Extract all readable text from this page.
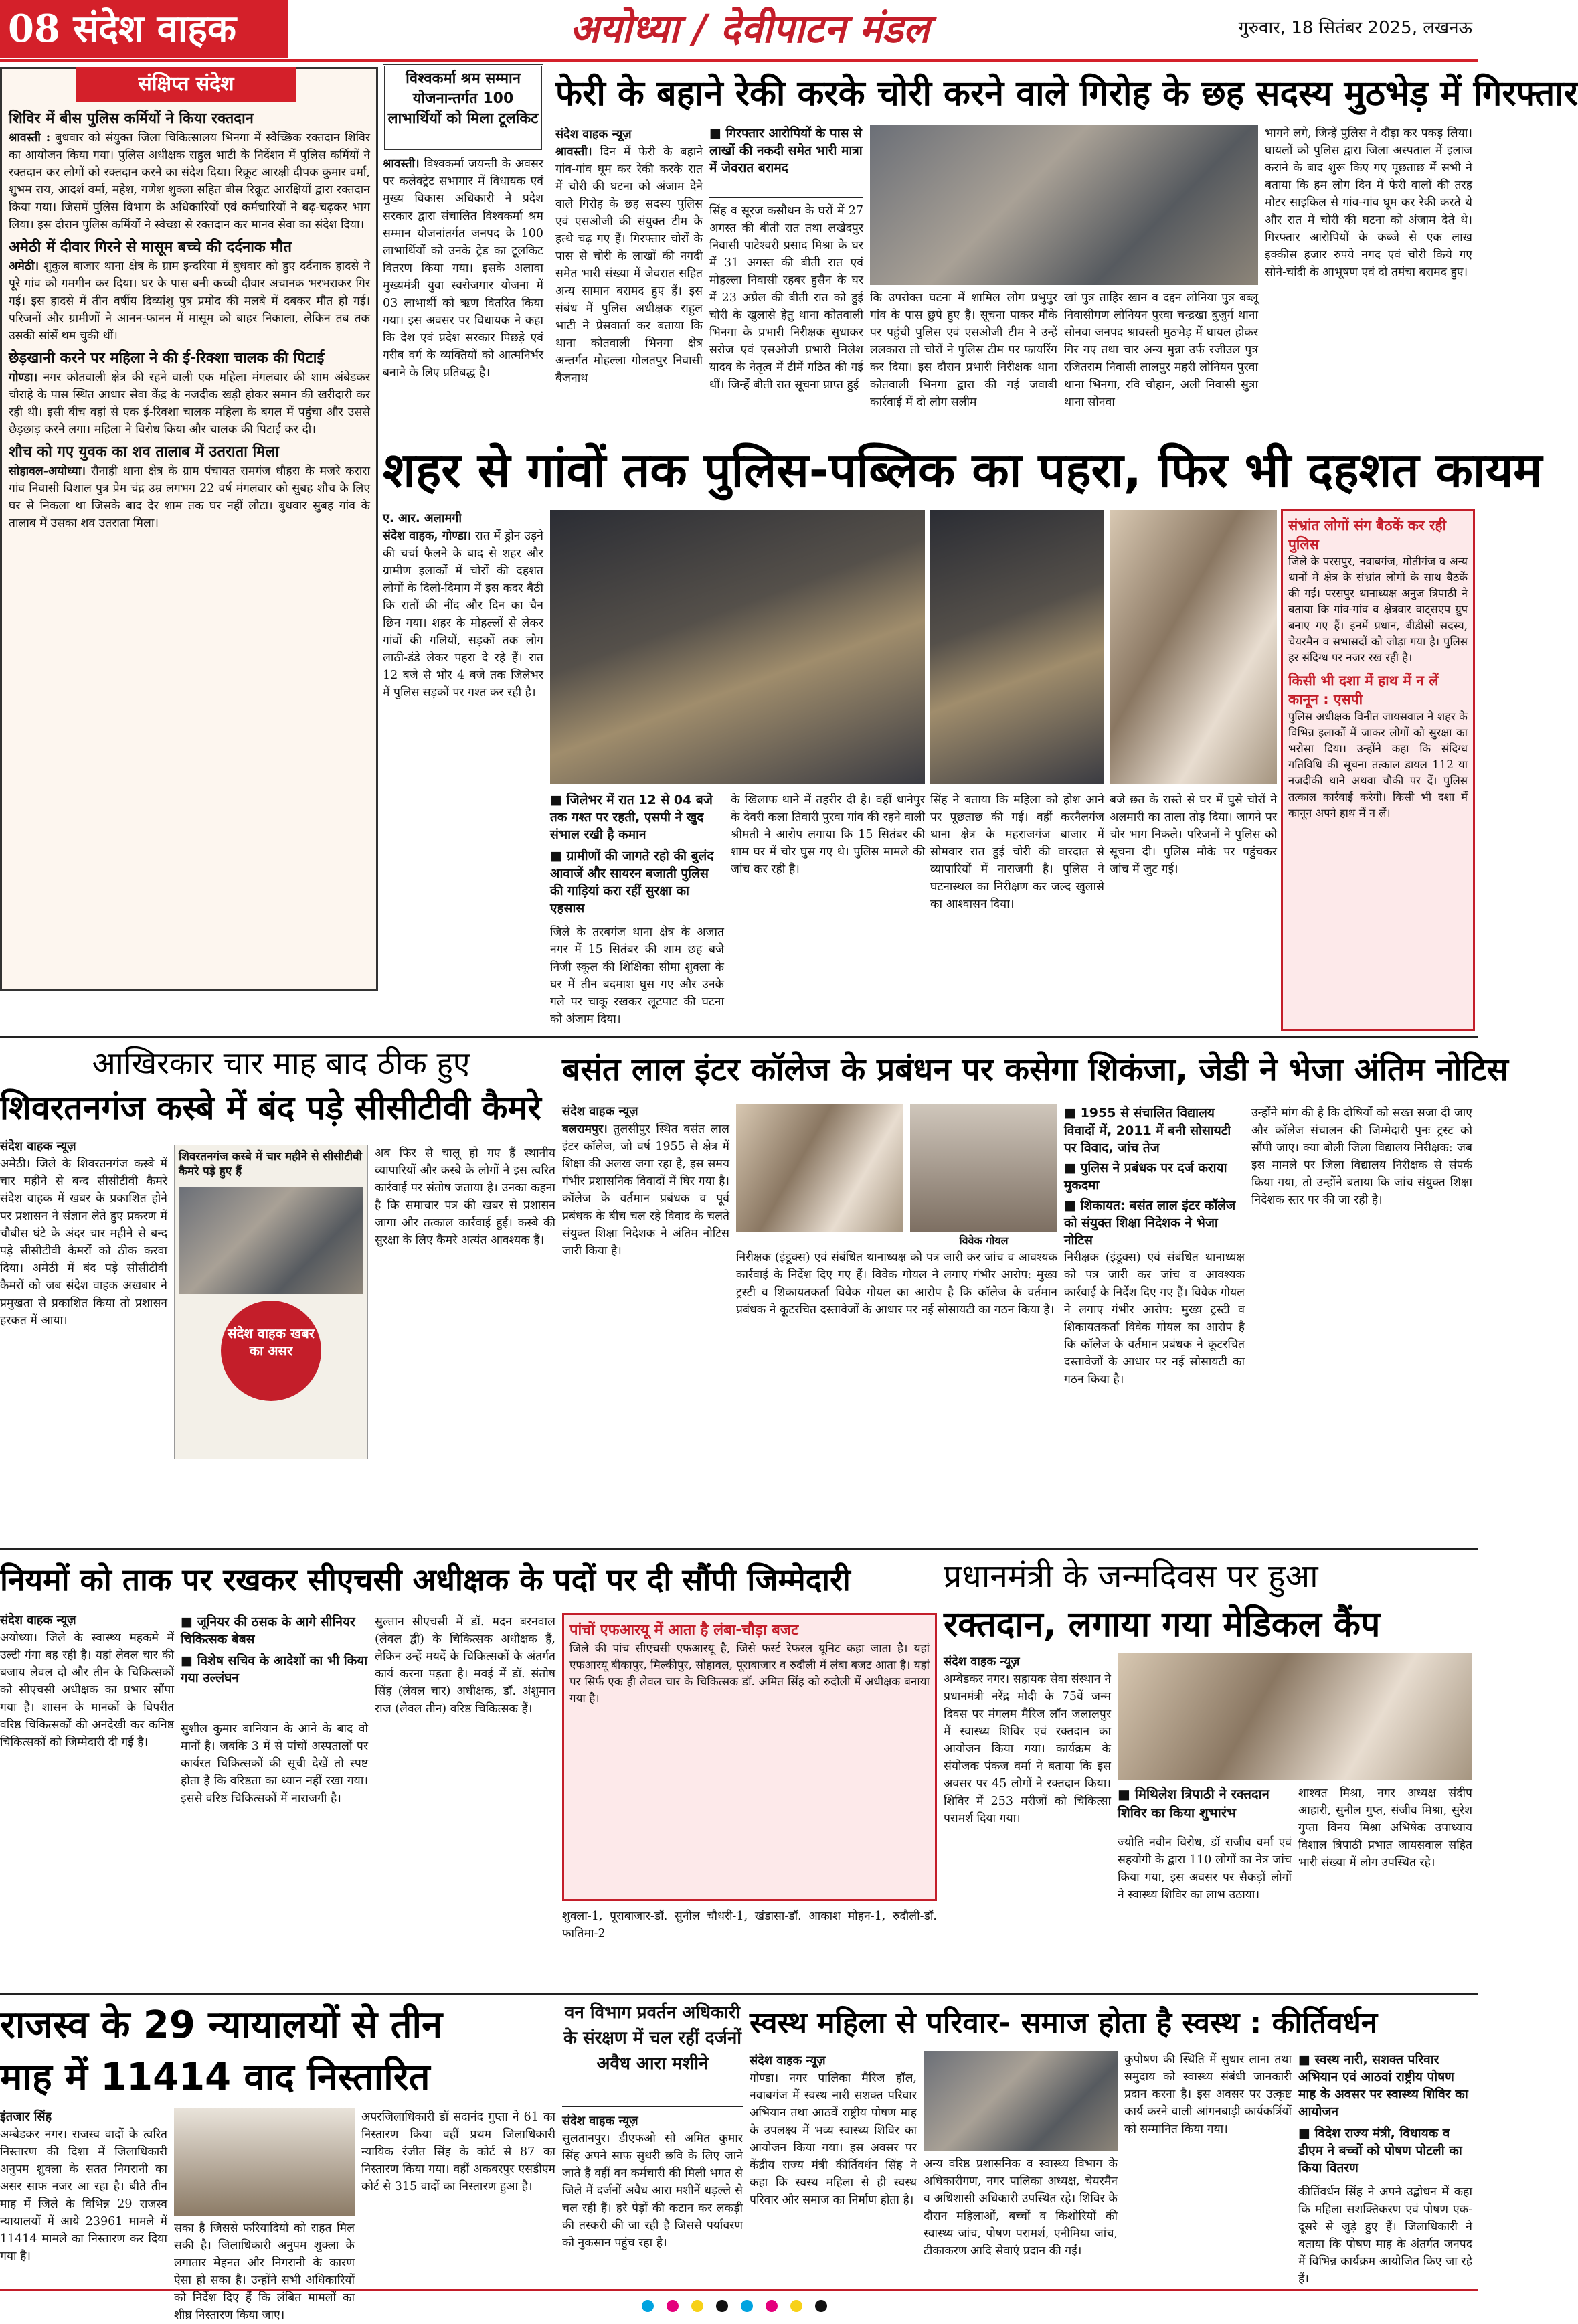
08 संदेश वाहक	अयोध्या / देवीपाटन मंडल	गुरुवार, 18 सितंबर 2025, लखनऊ
संक्षिप्त संदेश
शिविर में बीस पुलिस कर्मियों ने किया रक्तदान
श्रावस्ती : बुधवार को संयुक्त जिला चिकित्सालय भिनगा में स्वैच्छिक रक्तदान शिविर का आयोजन किया गया। पुलिस अधीक्षक राहुल भाटी के निर्देशन में पुलिस कर्मियों ने रक्तदान कर लोगों को रक्तदान करने का संदेश दिया। रिक्रूट आरक्षी दीपक कुमार वर्मा, शुभम राय, आदर्श वर्मा, महेश, गणेश शुक्ला सहित बीस रिक्रूट आरक्षियों द्वारा रक्तदान किया गया। जिसमें पुलिस विभाग के अधिकारियों एवं कर्मचारियों ने बढ़-चढ़कर भाग लिया। इस दौरान पुलिस कर्मियों ने स्वेच्छा से रक्तदान कर मानव सेवा का संदेश दिया।
अमेठी में दीवार गिरने से मासूम बच्चे की दर्दनाक मौत
अमेठी। शुकुल बाजार थाना क्षेत्र के ग्राम इन्दरिया में बुधवार को हुए दर्दनाक हादसे ने पूरे गांव को गमगीन कर दिया। घर के पास बनी कच्ची दीवार अचानक भरभराकर गिर गई। इस हादसे में तीन वर्षीय दिव्यांशु पुत्र प्रमोद की मलबे में दबकर मौत हो गई। परिजनों और ग्रामीणों ने आनन-फानन में मासूम को बाहर निकाला, लेकिन तब तक उसकी सांसें थम चुकी थीं।
छेड़खानी करने पर महिला ने की ई-रिक्शा चालक की पिटाई
गोण्डा। नगर कोतवाली क्षेत्र की रहने वाली एक महिला मंगलवार की शाम अंबेडकर चौराहे के पास स्थित आधार सेवा केंद्र के नजदीक खड़ी होकर समान की खरीदारी कर रही थी। इसी बीच वहां से एक ई-रिक्शा चालक महिला के बगल में पहुंचा और उससे छेड़छाड़ करने लगा। महिला ने विरोध किया और चालक की पिटाई कर दी।
शौच को गए युवक का शव तालाब में उतराता मिला
सोहावल-अयोध्या। रौनाही थाना क्षेत्र के ग्राम पंचायत रामगंज धौहरा के मजरे करारा गांव निवासी विशाल पुत्र प्रेम चंद्र उम्र लगभग 22 वर्ष मंगलवार को सुबह शौच के लिए घर से निकला था जिसके बाद देर शाम तक घर नहीं लौटा। बुधवार सुबह गांव के तालाब में उसका शव उतराता मिला।
विश्वकर्मा श्रम सम्मान योजनान्तर्गत 100 लाभार्थियों को मिला टूलकिट
श्रावस्ती। विश्वकर्मा जयन्ती के अवसर पर कलेक्ट्रेट सभागार में विधायक एवं मुख्य विकास अधिकारी ने प्रदेश सरकार द्वारा संचालित विश्वकर्मा श्रम सम्मान योजनांतर्गत जनपद के 100 लाभार्थियों को उनके ट्रेड का टूलकिट वितरण किया गया। इसके अलावा मुख्यमंत्री युवा स्वरोजगार योजना में 03 लाभार्थी को ऋण वितरित किया गया। इस अवसर पर विधायक ने कहा कि देश एवं प्रदेश सरकार पिछड़े एवं गरीब वर्ग के व्यक्तियों को आत्मनिर्भर बनाने के लिए प्रतिबद्ध है।
फेरी के बहाने रेकी करके चोरी करने वाले गिरोह के छह सदस्य मुठभेड़ में गिरफ्तार
संदेश वाहक न्यूज़
श्रावस्ती। दिन में फेरी के बहाने गांव-गांव घूम कर रेकी करके रात में चोरी की घटना को अंजाम देने वाले गिरोह के छह सदस्य पुलिस एवं एसओजी की संयुक्त टीम के हत्थे चढ़ गए हैं। गिरफ्तार चोरों के पास से चोरी के लाखों की नगदी समेत भारी संख्या में जेवरात सहित अन्य सामान बरामद हुए हैं। इस संबंध में पुलिस अधीक्षक राहुल भाटी ने प्रेसवार्ता कर बताया कि थाना कोतवाली भिनगा क्षेत्र अन्तर्गत मोहल्ला गोलतपुर निवासी बैजनाथ
■ गिरफ्तार आरोपियों के पास से लाखों की नकदी समेत भारी मात्रा में जेवरात बरामद
सिंह व सूरज कसौधन के घरों में 27 अगस्त की बीती रात तथा लखेदपुर निवासी पाटेश्वरी प्रसाद मिश्रा के घर में 31 अगस्त की बीती रात एवं मोहल्ला निवासी रहबर हुसैन के घर में 23 अप्रैल की बीती रात को हुई चोरी के खुलासे हेतु थाना कोतवाली भिनगा के प्रभारी निरीक्षक सुधाकर सरोज एवं एसओजी प्रभारी निलेश यादव के नेतृत्व में टीमें गठित की गई थीं। जिन्हें बीती रात सूचना प्राप्त हुई
कि उपरोक्त घटना में शामिल लोग प्रभुपुर गांव के पास छुपे हुए हैं। सूचना पाकर मौके पर पहुंची पुलिस एवं एसओजी टीम ने उन्हें ललकारा तो चोरों ने पुलिस टीम पर फायरिंग कर दिया। इस दौरान प्रभारी निरीक्षक थाना कोतवाली भिनगा द्वारा की गई जवाबी कार्रवाई में दो लोग सलीम
खां पुत्र ताहिर खान व दद्दन लोनिया पुत्र बब्लू निवासीगण लोनियन पुरवा चन्द्रखा बुजुर्ग थाना सोनवा जनपद श्रावस्ती मुठभेड़ में घायल होकर गिर गए तथा चार अन्य मुन्ना उर्फ रजीउल पुत्र रजितराम निवासी लालपुर महरी लोनियन पुरवा थाना भिनगा, रवि चौहान, अली निवासी सुत्रा थाना सोनवा
भागने लगे, जिन्हें पुलिस ने दौड़ा कर पकड़ लिया। घायलों को पुलिस द्वारा जिला अस्पताल में इलाज कराने के बाद शुरू किए गए पूछताछ में सभी ने बताया कि हम लोग दिन में फेरी वालों की तरह मोटर साइकिल से गांव-गांव घूम कर रेकी करते थे और रात में चोरी की घटना को अंजाम देते थे। गिरफ्तार आरोपियों के कब्जे से एक लाख इक्कीस हजार रुपये नगद एवं चोरी किये गए सोने-चांदी के आभूषण एवं दो तमंचा बरामद हुए।
शहर से गांवों तक पुलिस-पब्लिक का पहरा, फिर भी दहशत कायम
ए. आर. अलामगी
संदेश वाहक, गोण्डा। रात में ड्रोन उड़ने की चर्चा फैलने के बाद से शहर और ग्रामीण इलाकों में चोरों की दहशत लोगों के दिलो-दिमाग में इस कदर बैठी कि रातों की नींद और दिन का चैन छिन गया। शहर के मोहल्लों से लेकर गांवों की गलियों, सड़कों तक लोग लाठी-डंडे लेकर पहरा दे रहे हैं। रात 12 बजे से भोर 4 बजे तक जिलेभर में पुलिस सड़कों पर गश्त कर रही है।
■ जिलेभर में रात 12 से 04 बजे तक गश्त पर रहती, एसपी ने खुद संभाल रखी है कमान
■ ग्रामीणों की जागते रहो की बुलंद आवाजें और सायरन बजाती पुलिस की गाड़ियां करा रहीं सुरक्षा का एहसास
जिले के तरबगंज थाना क्षेत्र के अजात नगर में 15 सितंबर की शाम छह बजे निजी स्कूल की शिक्षिका सीमा शुक्ला के घर में तीन बदमाश घुस गए और उनके गले पर चाकू रखकर लूटपाट की घटना को अंजाम दिया।
के खिलाफ थाने में तहरीर दी है। वहीं धानेपुर के देवरी कला तिवारी पुरवा गांव की रहने वाली श्रीमती ने आरोप लगाया कि 15 सितंबर की शाम घर में चोर घुस गए थे। पुलिस मामले की जांच कर रही है।
सिंह ने बताया कि महिला को होश आने पर पूछताछ की गई। वहीं करनैलगंज थाना क्षेत्र के महराजगंज बाजार में सोमवार रात हुई चोरी की वारदात से व्यापारियों में नाराजगी है। पुलिस ने घटनास्थल का निरीक्षण कर जल्द खुलासे का आश्वासन दिया।
बजे छत के रास्ते से घर में घुसे चोरों ने अलमारी का ताला तोड़ दिया। जागने पर चोर भाग निकले। परिजनों ने पुलिस को सूचना दी। पुलिस मौके पर पहुंचकर जांच में जुट गई।
संभ्रांत लोगों संग बैठकें कर रही पुलिस
जिले के परसपुर, नवाबगंज, मोतीगंज व अन्य थानों में क्षेत्र के संभ्रांत लोगों के साथ बैठकें की गईं। परसपुर थानाध्यक्ष अनुज त्रिपाठी ने बताया कि गांव-गांव व क्षेत्रवार वाट्सएप ग्रुप बनाए गए हैं। इनमें प्रधान, बीडीसी सदस्य, चेयरमैन व सभासदों को जोड़ा गया है। पुलिस हर संदिग्ध पर नजर रख रही है।
किसी भी दशा में हाथ में न लें कानून : एसपी
पुलिस अधीक्षक विनीत जायसवाल ने शहर के विभिन्न इलाकों में जाकर लोगों को सुरक्षा का भरोसा दिया। उन्होंने कहा कि संदिग्ध गतिविधि की सूचना तत्काल डायल 112 या नजदीकी थाने अथवा चौकी पर दें। पुलिस तत्काल कार्रवाई करेगी। किसी भी दशा में कानून अपने हाथ में न लें।
आखिरकार चार माह बाद ठीक हुए
शिवरतनगंज कस्बे में बंद पड़े सीसीटीवी कैमरे
संदेश वाहक न्यूज़
अमेठी। जिले के शिवरतनगंज कस्बे में चार महीने से बन्द सीसीटीवी कैमरे संदेश वाहक में खबर के प्रकाशित होने पर प्रशासन ने संज्ञान लेते हुए प्रकरण में चौबीस घंटे के अंदर चार महीने से बन्द पड़े सीसीटीवी कैमरों को ठीक करवा दिया। अमेठी में बंद पड़े सीसीटीवी कैमरों को जब संदेश वाहक अखबार ने प्रमुखता से प्रकाशित किया तो प्रशासन हरकत में आया।
शिवरतनगंज कस्बे में चार महीने से सीसीटीवी कैमरे पड़े हुए हैं
संदेश वाहक खबर का असर
अब फिर से चालू हो गए हैं स्थानीय व्यापारियों और कस्बे के लोगों ने इस त्वरित कार्रवाई पर संतोष जताया है। उनका कहना है कि समाचार पत्र की खबर से प्रशासन जागा और तत्काल कार्रवाई हुई। कस्बे की सुरक्षा के लिए कैमरे अत्यंत आवश्यक हैं।
बसंत लाल इंटर कॉलेज के प्रबंधन पर कसेगा शिकंजा, जेडी ने भेजा अंतिम नोटिस
संदेश वाहक न्यूज़
बलरामपुर। तुलसीपुर स्थित बसंत लाल इंटर कॉलेज, जो वर्ष 1955 से क्षेत्र में शिक्षा की अलख जगा रहा है, इस समय गंभीर प्रशासनिक विवादों में घिर गया है। कॉलेज के वर्तमान प्रबंधक व पूर्व प्रबंधक के बीच चल रहे विवाद के चलते संयुक्त शिक्षा निदेशक ने अंतिम नोटिस जारी किया है।
विवेक गोयल
■ 1955 से संचालित विद्यालय विवादों में, 2011 में बनी सोसायटी पर विवाद, जांच तेज
■ पुलिस ने प्रबंधक पर दर्ज कराया मुकदमा
■ शिकायत: बसंत लाल इंटर कॉलेज को संयुक्त शिक्षा निदेशक ने भेजा नोटिस
निरीक्षक (इंडूक्स) एवं संबंधित थानाध्यक्ष को पत्र जारी कर जांच व आवश्यक कार्रवाई के निर्देश दिए गए हैं। विवेक गोयल ने लगाए गंभीर आरोप: मुख्य ट्रस्टी व शिकायतकर्ता विवेक गोयल का आरोप है कि कॉलेज के वर्तमान प्रबंधक ने कूटरचित दस्तावेजों के आधार पर नई सोसायटी का गठन किया है।
निरीक्षक (इंडूक्स) एवं संबंधित थानाध्यक्ष को पत्र जारी कर जांच व आवश्यक कार्रवाई के निर्देश दिए गए हैं। विवेक गोयल ने लगाए गंभीर आरोप: मुख्य ट्रस्टी व शिकायतकर्ता विवेक गोयल का आरोप है कि कॉलेज के वर्तमान प्रबंधक ने कूटरचित दस्तावेजों के आधार पर नई सोसायटी का गठन किया है।
उन्होंने मांग की है कि दोषियों को सख्त सजा दी जाए और कॉलेज संचालन की जिम्मेदारी पुनः ट्रस्ट को सौंपी जाए। क्या बोली जिला विद्यालय निरीक्षक: जब इस मामले पर जिला विद्यालय निरीक्षक से संपर्क किया गया, तो उन्होंने बताया कि जांच संयुक्त शिक्षा निदेशक स्तर पर की जा रही है।
नियमों को ताक पर रखकर सीएचसी अधीक्षक के पदों पर दी सौंपी जिम्मेदारी
संदेश वाहक न्यूज़
अयोध्या। जिले के स्वास्थ्य महकमे में उल्टी गंगा बह रही है। यहां लेवल चार की बजाय लेवल दो और तीन के चिकित्सकों को सीएचसी अधीक्षक का प्रभार सौंपा गया है। शासन के मानकों के विपरीत वरिष्ठ चिकित्सकों की अनदेखी कर कनिष्ठ चिकित्सकों को जिम्मेदारी दी गई है।
■ जूनियर की ठसक के आगे सीनियर चिकित्सक बेबस
■ विशेष सचिव के आदेशों का भी किया गया उल्लंघन
सुशील कुमार बानियान के आने के बाद वो मानों है। जबकि 3 में से पांचों अस्पतालों पर कार्यरत चिकित्सकों की सूची देखें तो स्पष्ट होता है कि वरिष्ठता का ध्यान नहीं रखा गया। इससे वरिष्ठ चिकित्सकों में नाराजगी है।
सुल्तान सीएचसी में डॉ. मदन बरनवाल (लेवल द्वी) के चिकित्सक अधीक्षक हैं, लेकिन उन्हें मयदें के चिकित्सकों के अंतर्गत कार्य करना पड़ता है। मवई में डॉ. संतोष सिंह (लेवल चार) अधीक्षक, डॉ. अंशुमान राज (लेवल तीन) वरिष्ठ चिकित्सक हैं।
पांचों एफआरयू में आता है लंबा-चौड़ा बजट
जिले की पांच सीएचसी एफआरयू है, जिसे फर्स्ट रेफरल यूनिट कहा जाता है। यहां एफआरयू बीकापुर, मिल्कीपुर, सोहावल, पूराबाजार व रुदौली में लंबा बजट आता है। यहां पर सिर्फ एक ही लेवल चार के चिकित्सक डॉ. अमित सिंह को रुदौली में अधीक्षक बनाया गया है।
शुक्ला-1, पूराबाजार-डॉ. सुनील चौधरी-1, खंडासा-डॉ. आकाश मोहन-1, रुदौली-डॉ. फातिमा-2
प्रधानमंत्री के जन्मदिवस पर हुआ
रक्तदान, लगाया गया मेडिकल कैंप
संदेश वाहक न्यूज़
अम्बेडकर नगर। सहायक सेवा संस्थान ने प्रधानमंत्री नरेंद्र मोदी के 75वें जन्म दिवस पर मंगलम मैरिज लॉन जलालपुर में स्वास्थ्य शिविर एवं रक्तदान का आयोजन किया गया। कार्यक्रम के संयोजक पंकज वर्मा ने बताया कि इस अवसर पर 45 लोगों ने रक्तदान किया। शिविर में 253 मरीजों को चिकित्सा परामर्श दिया गया।
■ मिथिलेश त्रिपाठी ने रक्तदान शिविर का किया शुभारंभ
ज्योति नवीन विरोध, डॉ राजीव वर्मा एवं सहयोगी के द्वारा 110 लोगों का नेत्र जांच किया गया, इस अवसर पर सैकड़ों लोगों ने स्वास्थ्य शिविर का लाभ उठाया।
शाश्वत मिश्रा, नगर अध्यक्ष संदीप आहारी, सुनील गुप्त, संजीव मिश्रा, सुरेश गुप्ता विनय मिश्रा अभिषेक उपाध्याय विशाल त्रिपाठी प्रभात जायसवाल सहित भारी संख्या में लोग उपस्थित रहे।
राजस्व के 29 न्यायालयों से तीन
माह में 11414 वाद निस्तारित
इंतजार सिंह
अम्बेडकर नगर। राजस्व वादों के त्वरित निस्तारण की दिशा में जिलाधिकारी अनुपम शुक्ला के सतत निगरानी का असर साफ नजर आ रहा है। बीते तीन माह में जिले के विभिन्न 29 राजस्व न्यायालयों में आये 23961 मामले में 11414 मामले का निस्तारण कर दिया गया है।
सका है जिससे फरियादियों को राहत मिल सकी है। जिलाधिकारी अनुपम शुक्ला के लगातार मेहनत और निगरानी के कारण ऐसा हो सका है। उन्होंने सभी अधिकारियों को निर्देश दिए हैं कि लंबित मामलों का शीघ्र निस्तारण किया जाए।
अपरजिलाधिकारी डॉ सदानंद गुप्ता ने 61 का निस्तारण किया वहीं प्रथम जिलाधिकारी न्यायिक रंजीत सिंह के कोर्ट से 87 का निस्तारण किया गया। वहीं अकबरपुर एसडीएम कोर्ट से 315 वादों का निस्तारण हुआ है।
वन विभाग प्रवर्तन अधिकारी के संरक्षण में चल रहीं दर्जनों अवैध आरा मशीने
संदेश वाहक न्यूज़
सुलतानपुर। डीएफओ सो अमित कुमार सिंह अपने साफ सुथरी छवि के लिए जाने जाते हैं वहीं वन कर्मचारी की मिली भगत से जिले में दर्जनों अवैध आरा मशीनें धड़ल्ले से चल रही हैं। हरे पेड़ों की कटान कर लकड़ी की तस्करी की जा रही है जिससे पर्यावरण को नुकसान पहुंच रहा है।
स्वस्थ महिला से परिवार- समाज होता है स्वस्थ : कीर्तिवर्धन
संदेश वाहक न्यूज़
गोण्डा। नगर पालिका मैरिज हॉल, नवाबगंज में स्वस्थ नारी सशक्त परिवार अभियान तथा आठवें राष्ट्रीय पोषण माह के उपलक्ष्य में भव्य स्वास्थ्य शिविर का आयोजन किया गया। इस अवसर पर केंद्रीय राज्य मंत्री कीर्तिवर्धन सिंह ने कहा कि स्वस्थ महिला से ही स्वस्थ परिवार और समाज का निर्माण होता है।
अन्य वरिष्ठ प्रशासनिक व स्वास्थ्य विभाग के अधिकारीगण, नगर पालिका अध्यक्ष, चेयरमैन व अधिशासी अधिकारी उपस्थित रहे। शिविर के दौरान महिलाओं, बच्चों व किशोरियों की स्वास्थ्य जांच, पोषण परामर्श, एनीमिया जांच, टीकाकरण आदि सेवाएं प्रदान की गईं।
कुपोषण की स्थिति में सुधार लाना तथा समुदाय को स्वास्थ्य संबंधी जानकारी प्रदान करना है। इस अवसर पर उत्कृष्ट कार्य करने वाली आंगनबाड़ी कार्यकर्त्रियों को सम्मानित किया गया।
■ स्वस्थ नारी, सशक्त परिवार अभियान एवं आठवां राष्ट्रीय पोषण माह के अवसर पर स्वास्थ्य शिविर का आयोजन
■ विदेश राज्य मंत्री, विधायक व डीएम ने बच्चों को पोषण पोटली का किया वितरण
कीर्तिवर्धन सिंह ने अपने उद्बोधन में कहा कि महिला सशक्तिकरण एवं पोषण एक-दूसरे से जुड़े हुए हैं। जिलाधिकारी ने बताया कि पोषण माह के अंतर्गत जनपद में विभिन्न कार्यक्रम आयोजित किए जा रहे हैं।
